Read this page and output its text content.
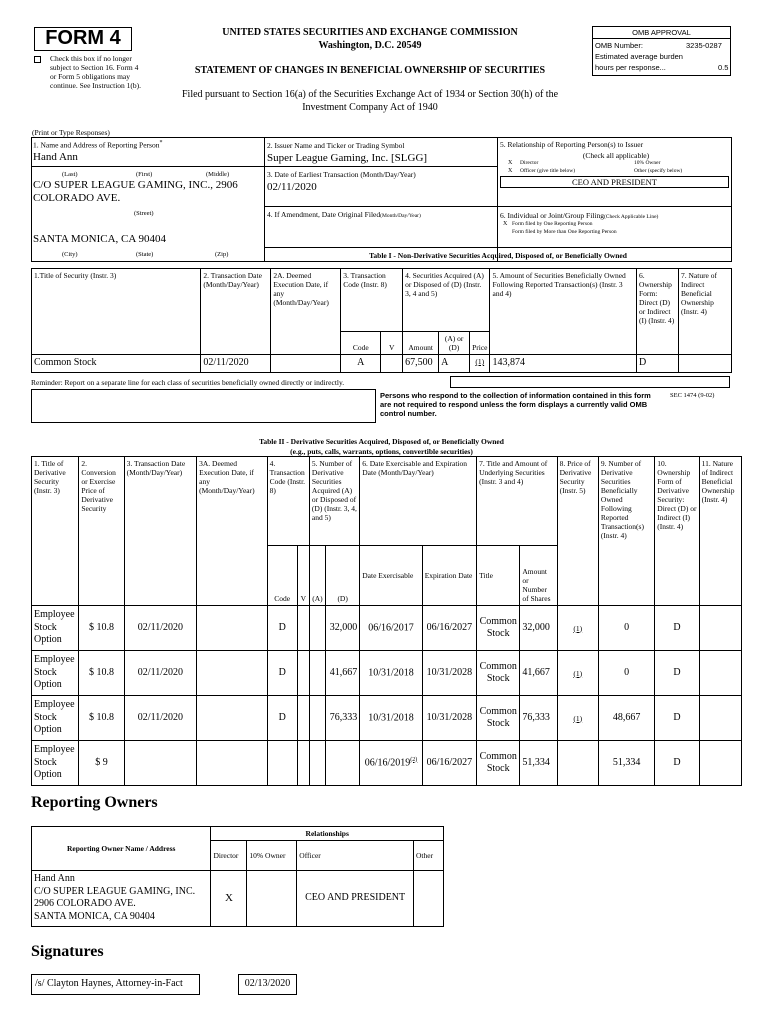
FORM 4
Check this box if no longer subject to Section 16. Form 4 or Form 5 obligations may continue. See Instruction 1(b).
UNITED STATES SECURITIES AND EXCHANGE COMMISSION
Washington, D.C. 20549
STATEMENT OF CHANGES IN BENEFICIAL OWNERSHIP OF SECURITIES
Filed pursuant to Section 16(a) of the Securities Exchange Act of 1934 or Section 30(h) of the
Investment Company Act of 1940
OMB APPROVAL
OMB Number:	3235-0287
Estimated average burden
hours per response...	0.5
(Print or Type Responses)
1. Name and Address of Reporting Person*
Hand Ann
(Last)	(First)	(Middle)
C/O SUPER LEAGUE GAMING, INC., 2906
COLORADO AVE.
(Street)
SANTA MONICA, CA 90404
(City)	(State)	(Zip)
2. Issuer Name and Ticker or Trading Symbol
Super League Gaming, Inc. [SLGG]
3. Date of Earliest Transaction (Month/Day/Year)
02/11/2020
4. If Amendment, Date Original Filed(Month/Day/Year)
5. Relationship of Reporting Person(s) to Issuer
(Check all applicable)
X Director	10% Owner
X Officer (give title below)	Other (specify below)
CEO AND PRESIDENT
6. Individual or Joint/Group Filing(Check Applicable Line)
X Form filed by One Reporting Person
Form filed by More than One Reporting Person
Table I - Non-Derivative Securities Acquired, Disposed of, or Beneficially Owned
1.Title of Security (Instr. 3)	2. Transaction Date (Month/Day/Year)	2A. Deemed Execution Date, if any (Month/Day/Year)	3. Transaction Code (Instr. 8)		4. Securities Acquired (A) or Disposed of (D) (Instr. 3, 4 and 5)			5. Amount of Securities Beneficially Owned Following Reported Transaction(s) (Instr. 3 and 4)	6. Ownership Form: Direct (D) or Indirect (I) (Instr. 4)	7. Nature of Indirect Beneficial Ownership (Instr. 4)
			Code	V	Amount	(A) or (D)	Price			
Common Stock	02/11/2020		A		67,500	A	(1)	143,874	D	
Reminder: Report on a separate line for each class of securities beneficially owned directly or indirectly.
Persons who respond to the collection of information contained in this form are not required to respond unless the form displays a currently valid OMB control number.
SEC 1474 (9-02)
Table II - Derivative Securities Acquired, Disposed of, or Beneficially Owned
(e.g., puts, calls, warrants, options, convertible securities)
1. Title of Derivative Security (Instr. 3)	2. Conversion or Exercise Price of Derivative Security	3. Transaction Date (Month/Day/Year)	3A. Deemed Execution Date, if any (Month/Day/Year)	4. Transaction Code (Instr. 8)		5. Number of Derivative Securities Acquired (A) or Disposed of (D) (Instr. 3, 4, and 5)		6. Date Exercisable and Expiration Date (Month/Day/Year)		7. Title and Amount of Underlying Securities (Instr. 3 and 4)		8. Price of Derivative Security (Instr. 5)	9. Number of Derivative Securities Beneficially Owned Following Reported Transaction(s) (Instr. 4)	10. Ownership Form of Derivative Security: Direct (D) or Indirect (I) (Instr. 4)	11. Nature of Indirect Beneficial Ownership (Instr. 4)
				Code	V	(A)	(D)	Date Exercisable	Expiration Date	Title	Amount or Number of Shares				
Employee Stock Option	$ 10.8	02/11/2020		D			32,000	06/16/2017	06/16/2027	Common Stock	32,000	(1)	0	D	
Employee Stock Option	$ 10.8	02/11/2020		D			41,667	10/31/2018	10/31/2028	Common Stock	41,667	(1)	0	D	
Employee Stock Option	$ 10.8	02/11/2020		D			76,333	10/31/2018	10/31/2028	Common Stock	76,333	(1)	48,667	D	
Employee Stock Option	$ 9							06/16/2019$^{(2)}$	06/16/2027	Common Stock	51,334		51,334	D	
Reporting Owners
Reporting Owner Name / Address	Relationships			
	Director	10% Owner	Officer	Other

Hand Ann
C/O SUPER LEAGUE GAMING, INC.
2906 COLORADO AVE.
SANTA MONICA, CA 90404	X		CEO AND PRESIDENT	
Signatures
/s/ Clayton Haynes, Attorney-in-Fact		02/13/2020
